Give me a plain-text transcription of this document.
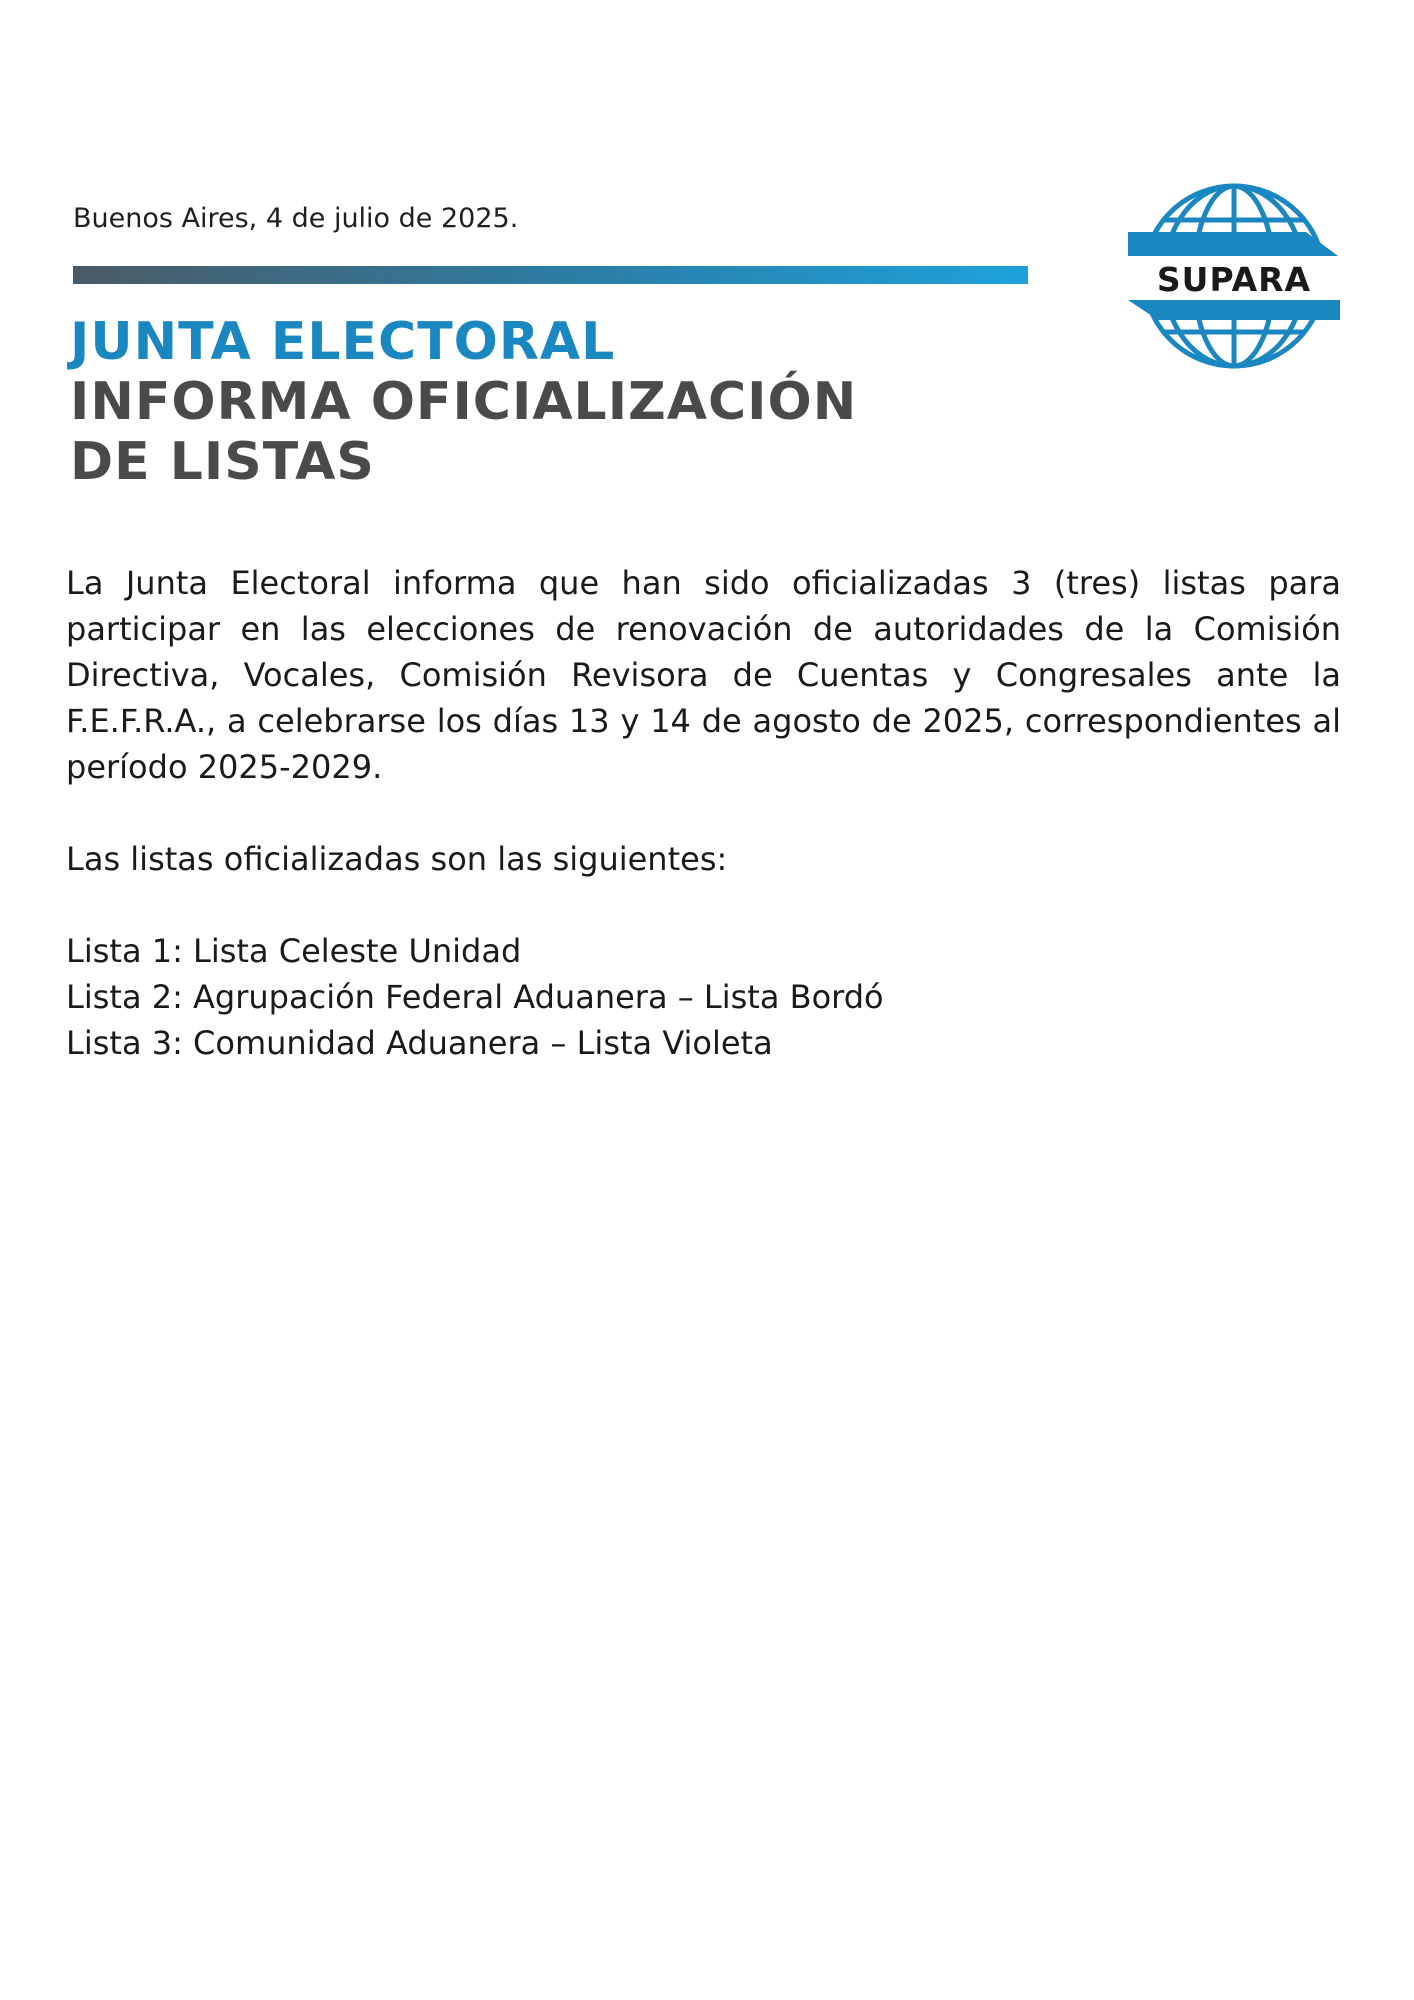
Buenos Aires, 4 de julio de 2025.
SUPARA
JUNTA ELECTORAL
INFORMA OFICIALIZACIÓN
DE LISTAS

La Junta Electoral informa que han sido oficializadas 3 (tres) listas para participar en las elecciones de renovación de autoridades de la Comisión Directiva, Vocales, Comisión Revisora de Cuentas y Congresales ante la F.E.F.R.A., a celebrarse los días 13 y 14 de agosto de 2025, correspondientes al período 2025-2029.

Las listas oficializadas son las siguientes:

Lista 1: Lista Celeste Unidad
Lista 2: Agrupación Federal Aduanera – Lista Bordó
Lista 3: Comunidad Aduanera – Lista Violeta
